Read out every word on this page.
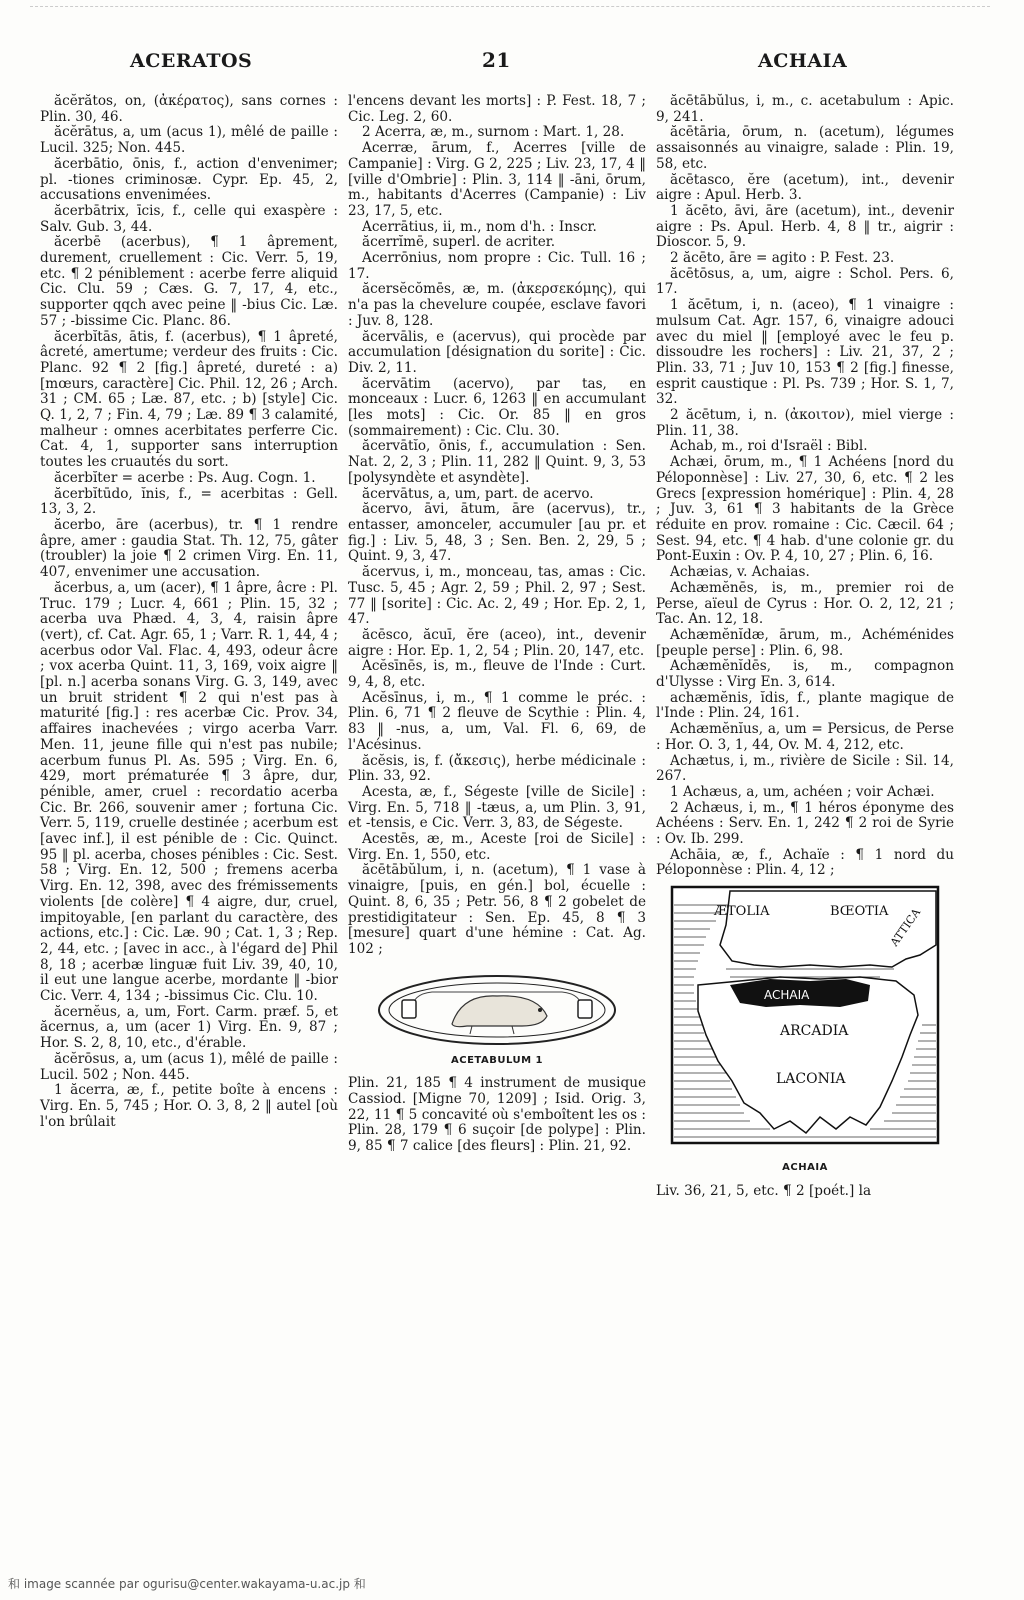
ACERATOS	21	ACHAIA

ăcĕrătos, on, (ἀκέρατος), sans cornes : Plin. 30, 46.

ăcĕrātus, a, um (acus 1), mêlé de paille : Lucil. 325; Non. 445.

ăcerbātio, ōnis, f., action d'envenimer; pl. -tiones criminosæ. Cypr. Ep. 45, 2, accusations envenimées.

ăcerbātrix, īcis, f., celle qui exaspère : Salv. Gub. 3, 44.

ăcerbē (acerbus), ¶ 1 âprement, durement, cruellement : Cic. Verr. 5, 19, etc. ¶ 2 péniblement : acerbe ferre aliquid Cic. Clu. 59 ; Cæs. G. 7, 17, 4, etc., supporter qqch avec peine ‖ -bius Cic. Læ. 57 ; -bissime Cic. Planc. 86.

ăcerbĭtās, ātis, f. (acerbus), ¶ 1 âpreté, âcreté, amertume; verdeur des fruits : Cic. Planc. 92 ¶ 2 [fig.] âpreté, dureté : a) [mœurs, caractère] Cic. Phil. 12, 26 ; Arch. 31 ; CM. 65 ; Læ. 87, etc. ; b) [style] Cic. Q. 1, 2, 7 ; Fin. 4, 79 ; Læ. 89 ¶ 3 calamité, malheur : omnes acerbitates perferre Cic. Cat. 4, 1, supporter sans interruption toutes les cruautés du sort.

ăcerbĭter = acerbe : Ps. Aug. Cogn. 1.

ăcerbĭtūdo, ĭnis, f., = acerbitas : Gell. 13, 3, 2.

ăcerbo, āre (acerbus), tr. ¶ 1 rendre âpre, amer : gaudia Stat. Th. 12, 75, gâter (troubler) la joie ¶ 2 crimen Virg. En. 11, 407, envenimer une accusation.

ăcerbus, a, um (acer), ¶ 1 âpre, âcre : Pl. Truc. 179 ; Lucr. 4, 661 ; Plin. 15, 32 ; acerba uva Phæd. 4, 3, 4, raisin âpre (vert), cf. Cat. Agr. 65, 1 ; Varr. R. 1, 44, 4 ; acerbus odor Val. Flac. 4, 493, odeur âcre ; vox acerba Quint. 11, 3, 169, voix aigre ‖ [pl. n.] acerba sonans Virg. G. 3, 149, avec un bruit strident ¶ 2 qui n'est pas à maturité [fig.] : res acerbæ Cic. Prov. 34, affaires inachevées ; virgo acerba Varr. Men. 11, jeune fille qui n'est pas nubile; acerbum funus Pl. As. 595 ; Virg. En. 6, 429, mort prématurée ¶ 3 âpre, dur, pénible, amer, cruel : recordatio acerba Cic. Br. 266, souvenir amer ; fortuna Cic. Verr. 5, 119, cruelle destinée ; acerbum est [avec inf.], il est pénible de : Cic. Quinct. 95 ‖ pl. acerba, choses pénibles : Cic. Sest. 58 ; Virg. En. 12, 500 ; fremens acerba Virg. En. 12, 398, avec des frémissements violents [de colère] ¶ 4 aigre, dur, cruel, impitoyable, [en parlant du caractère, des actions, etc.] : Cic. Læ. 90 ; Cat. 1, 3 ; Rep. 2, 44, etc. ; [avec in acc., à l'égard de] Phil 8, 18 ; acerbæ linguæ fuit Liv. 39, 40, 10, il eut une langue acerbe, mordante ‖ -bior Cic. Verr. 4, 134 ; -bissimus Cic. Clu. 10.

ăcernĕus, a, um, Fort. Carm. præf. 5, et ăcernus, a, um (acer 1) Virg. En. 9, 87 ; Hor. S. 2, 8, 10, etc., d'érable.

ăcĕrōsus, a, um (acus 1), mêlé de paille : Lucil. 502 ; Non. 445.

1 ăcerra, æ, f., petite boîte à encens : Virg. En. 5, 745 ; Hor. O. 3, 8, 2 ‖ autel [où l'on brûlait

l'encens devant les morts] : P. Fest. 18, 7 ; Cic. Leg. 2, 60.

2 Acerra, æ, m., surnom : Mart. 1, 28.

Acerræ, ārum, f., Acerres [ville de Campanie] : Virg. G 2, 225 ; Liv. 23, 17, 4 ‖ [ville d'Ombrie] : Plin. 3, 114 ‖ -āni, ōrum, m., habitants d'Acerres (Campanie) : Liv 23, 17, 5, etc.

Acerrātius, ii, m., nom d'h. : Inscr.

ăcerrĭmē, superl. de acriter.

Acerrōnius, nom propre : Cic. Tull. 16 ; 17.

ăcersĕcŏmēs, æ, m. (ἀκερσεκόμης), qui n'a pas la chevelure coupée, esclave favori : Juv. 8, 128.

ăcervālis, e (acervus), qui procède par accumulation [désignation du sorite] : Cic. Div. 2, 11.

ăcervātim (acervo), par tas, en monceaux : Lucr. 6, 1263 ‖ en accumulant [les mots] : Cic. Or. 85 ‖ en gros (sommairement) : Cic. Clu. 30.

ăcervātĭo, ōnis, f., accumulation : Sen. Nat. 2, 2, 3 ; Plin. 11, 282 ‖ Quint. 9, 3, 53 [polysyndète et asyndète].

ăcervātus, a, um, part. de acervo.

ăcervo, āvi, ātum, āre (acervus), tr., entasser, amonceler, accumuler [au pr. et fig.] : Liv. 5, 48, 3 ; Sen. Ben. 2, 29, 5 ; Quint. 9, 3, 47.

ăcervus, i, m., monceau, tas, amas : Cic. Tusc. 5, 45 ; Agr. 2, 59 ; Phil. 2, 97 ; Sest. 77 ‖ [sorite] : Cic. Ac. 2, 49 ; Hor. Ep. 2, 1, 47.

ăcēsco, ăcuī, ĕre (aceo), int., devenir aigre : Hor. Ep. 1, 2, 54 ; Plin. 20, 147, etc.

Acĕsīnēs, is, m., fleuve de l'Inde : Curt. 9, 4, 8, etc.

Acĕsīnus, i, m., ¶ 1 comme le préc. : Plin. 6, 71 ¶ 2 fleuve de Scythie : Plin. 4, 83 ‖ -nus, a, um, Val. Fl. 6, 69, de l'Acésinus.

ăcĕsis, is, f. (ἄκεσις), herbe médicinale : Plin. 33, 92.

Acesta, æ, f., Ségeste [ville de Sicile] : Virg. En. 5, 718 ‖ -tæus, a, um Plin. 3, 91, et -tensis, e Cic. Verr. 3, 83, de Ségeste.

Acestēs, æ, m., Aceste [roi de Sicile] : Virg. En. 1, 550, etc.

ăcētābŭlum, i, n. (acetum), ¶ 1 vase à vinaigre, [puis, en gén.] bol, écuelle : Quint. 8, 6, 35 ; Petr. 56, 8 ¶ 2 gobelet de prestidigitateur : Sen. Ep. 45, 8 ¶ 3 [mesure] quart d'une hémine : Cat. Ag. 102 ;

ACETABULUM 1

Plin. 21, 185 ¶ 4 instrument de musique Cassiod. [Migne 70, 1209] ; Isid. Orig. 3, 22, 11 ¶ 5 concavité où s'emboîtent les os : Plin. 28, 179 ¶ 6 suçoir [de polype] : Plin. 9, 85 ¶ 7 calice [des fleurs] : Plin. 21, 92.

ăcētābŭlus, i, m., c. acetabulum : Apic. 9, 241.

ăcētāria, ōrum, n. (acetum), légumes assaisonnés au vinaigre, salade : Plin. 19, 58, etc.

ăcētasco, ĕre (acetum), int., devenir aigre : Apul. Herb. 3.

1 ăcēto, āvi, āre (acetum), int., devenir aigre : Ps. Apul. Herb. 4, 8 ‖ tr., aigrir : Dioscor. 5, 9.

2 ăcēto, āre = agito : P. Fest. 23.

ăcētōsus, a, um, aigre : Schol. Pers. 6, 17.

1 ăcētum, i, n. (aceo), ¶ 1 vinaigre : mulsum Cat. Agr. 157, 6, vinaigre adouci avec du miel ‖ [employé avec le feu p. dissoudre les rochers] : Liv. 21, 37, 2 ; Plin. 33, 71 ; Juv 10, 153 ¶ 2 [fig.] finesse, esprit caustique : Pl. Ps. 739 ; Hor. S. 1, 7, 32.

2 ăcētum, i, n. (ἀκοιτον), miel vierge : Plin. 11, 38.

Achab, m., roi d'Israël : Bibl.

Achæi, ōrum, m., ¶ 1 Achéens [nord du Péloponnèse] : Liv. 27, 30, 6, etc. ¶ 2 les Grecs [expression homérique] : Plin. 4, 28 ; Juv. 3, 61 ¶ 3 habitants de la Grèce réduite en prov. romaine : Cic. Cæcil. 64 ; Sest. 94, etc. ¶ 4 hab. d'une colonie gr. du Pont-Euxin : Ov. P. 4, 10, 27 ; Plin. 6, 16.

Achæias, v. Achaias.

Achæmĕnēs, is, m., premier roi de Perse, aïeul de Cyrus : Hor. O. 2, 12, 21 ; Tac. An. 12, 18.

Achæmĕnĭdæ, ārum, m., Achéménides [peuple perse] : Plin. 6, 98.

Achæmĕnĭdēs, is, m., compagnon d'Ulysse : Virg En. 3, 614.

achæmĕnis, ĭdis, f., plante magique de l'Inde : Plin. 24, 161.

Achæmĕnĭus, a, um = Persicus, de Perse : Hor. O. 3, 1, 44, Ov. M. 4, 212, etc.

Achætus, i, m., rivière de Sicile : Sil. 14, 267.

1 Achæus, a, um, achéen ; voir Achæi.

2 Achæus, i, m., ¶ 1 héros éponyme des Achéens : Serv. En. 1, 242 ¶ 2 roi de Syrie : Ov. Ib. 299.

Achāia, æ, f., Achaïe : ¶ 1 nord du Péloponnèse : Plin. 4, 12 ;

ÆTOLIA	BŒOTIA ATTICA
ACHAIA
ARCADIA
LACONIA
ACHAIA

Liv. 36, 21, 5, etc. ¶ 2 [poét.] la

和 image scannée par ogurisu@center.wakayama-u.ac.jp 和
